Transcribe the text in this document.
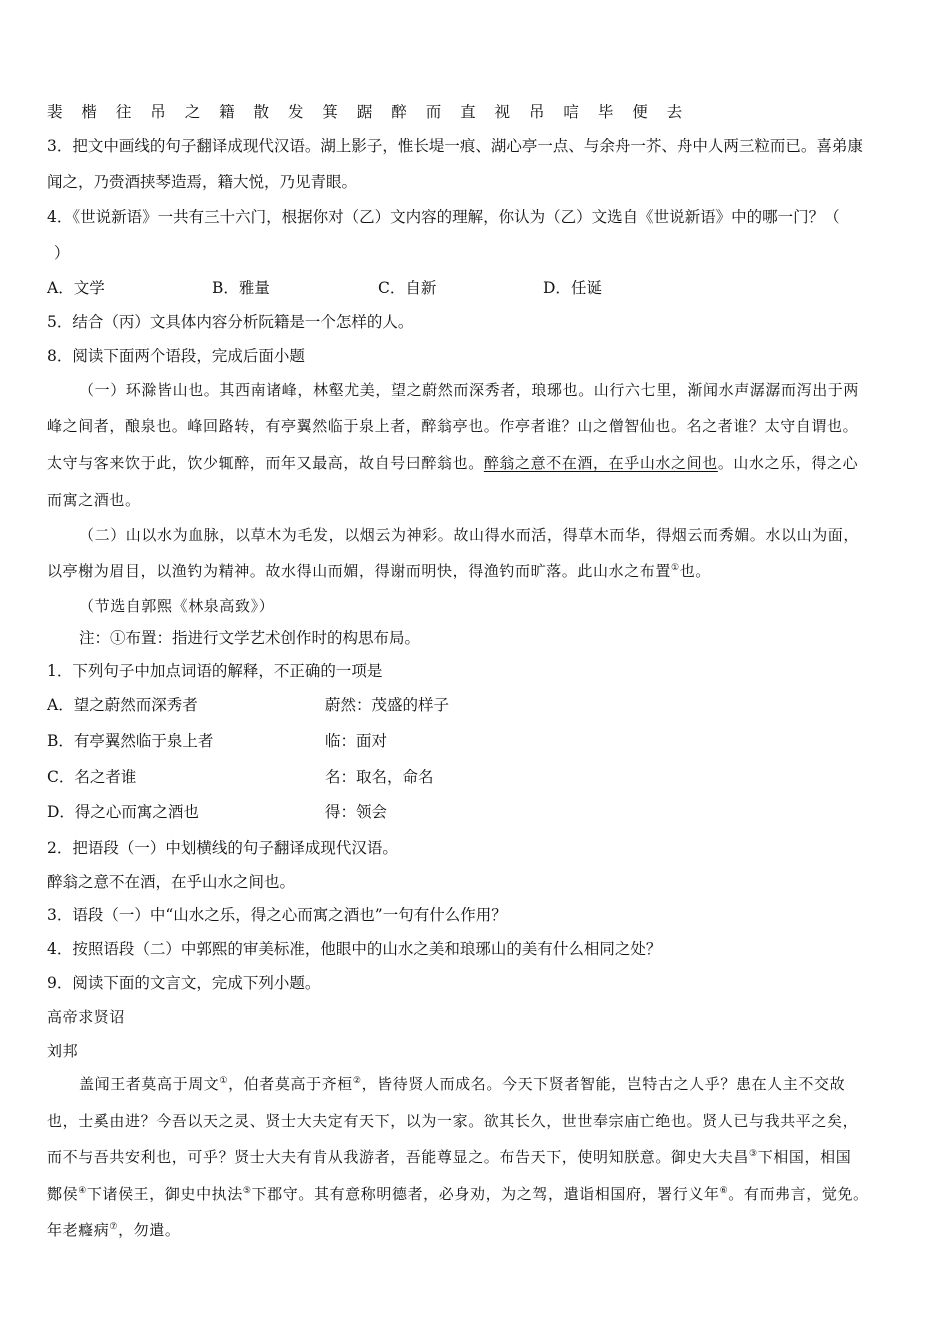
裴 楷 往 吊 之 籍 散 发 箕 踞 醉 而 直 视 吊 唁 毕 便 去
3．把文中画线的句子翻译成现代汉语。湖上影子，惟长堤一痕、湖心亭一点、与余舟一芥、舟中人两三粒而已。喜弟康
闻之，乃赍酒挟琴造焉，籍大悦，乃见青眼。
4．《世说新语》一共有三十六门，根据你对（乙）文内容的理解，你认为（乙）文选自《世说新语》中的哪一门？（
）
A．文学	B．雅量	C．自新	D．任诞
5．结合（丙）文具体内容分析阮籍是一个怎样的人。
8．阅读下面两个语段，完成后面小题
（一）环滁皆山也。其西南诸峰，林壑尤美，望之蔚然而深秀者，琅琊也。山行六七里，渐闻水声潺潺而泻出于两
峰之间者，酿泉也。峰回路转，有亭翼然临于泉上者，醉翁亭也。作亭者谁？山之僧智仙也。名之者谁？太守自谓也。
太守与客来饮于此，饮少辄醉，而年又最高，故自号曰醉翁也。醉翁之意不在酒，在乎山水之间也。山水之乐，得之心
而寓之酒也。
（二）山以水为血脉，以草木为毛发，以烟云为神彩。故山得水而活，得草木而华，得烟云而秀媚。水以山为面，
以亭榭为眉目，以渔钓为精神。故水得山而媚，得谢而明快，得渔钓而旷落。此山水之布置①也。
（节选自郭熙《林泉高致》）
注：①布置：指进行文学艺术创作时的构思布局。
1．下列句子中加点词语的解释，不正确的一项是
A．望之蔚然而深秀者	蔚然：茂盛的样子
B．有亭翼然临于泉上者	临：面对
C．名之者谁	名：取名，命名
D．得之心而寓之酒也	得：领会
2．把语段（一）中划横线的句子翻译成现代汉语。
醉翁之意不在酒，在乎山水之间也。
3．语段（一）中“山水之乐，得之心而寓之酒也”一句有什么作用？
4．按照语段（二）中郭熙的审美标准，他眼中的山水之美和琅琊山的美有什么相同之处？
9．阅读下面的文言文，完成下列小题。
高帝求贤诏
刘邦
盖闻王者莫高于周文①，伯者莫高于齐桓②，皆待贤人而成名。今天下贤者智能，岂特古之人乎？患在人主不交故
也，士奚由进？今吾以天之灵、贤士大夫定有天下，以为一家。欲其长久，世世奉宗庙亡绝也。贤人已与我共平之矣，
而不与吾共安利也，可乎？贤士大夫有肯从我游者，吾能尊显之。布告天下，使明知朕意。御史大夫昌③下相国，相国
酂侯④下诸侯王，御史中执法⑤下郡守。其有意称明德者，必身劝，为之驾，遣诣相国府，署行义年⑥。有而弗言，觉免。
年老癃病⑦，勿遣。
